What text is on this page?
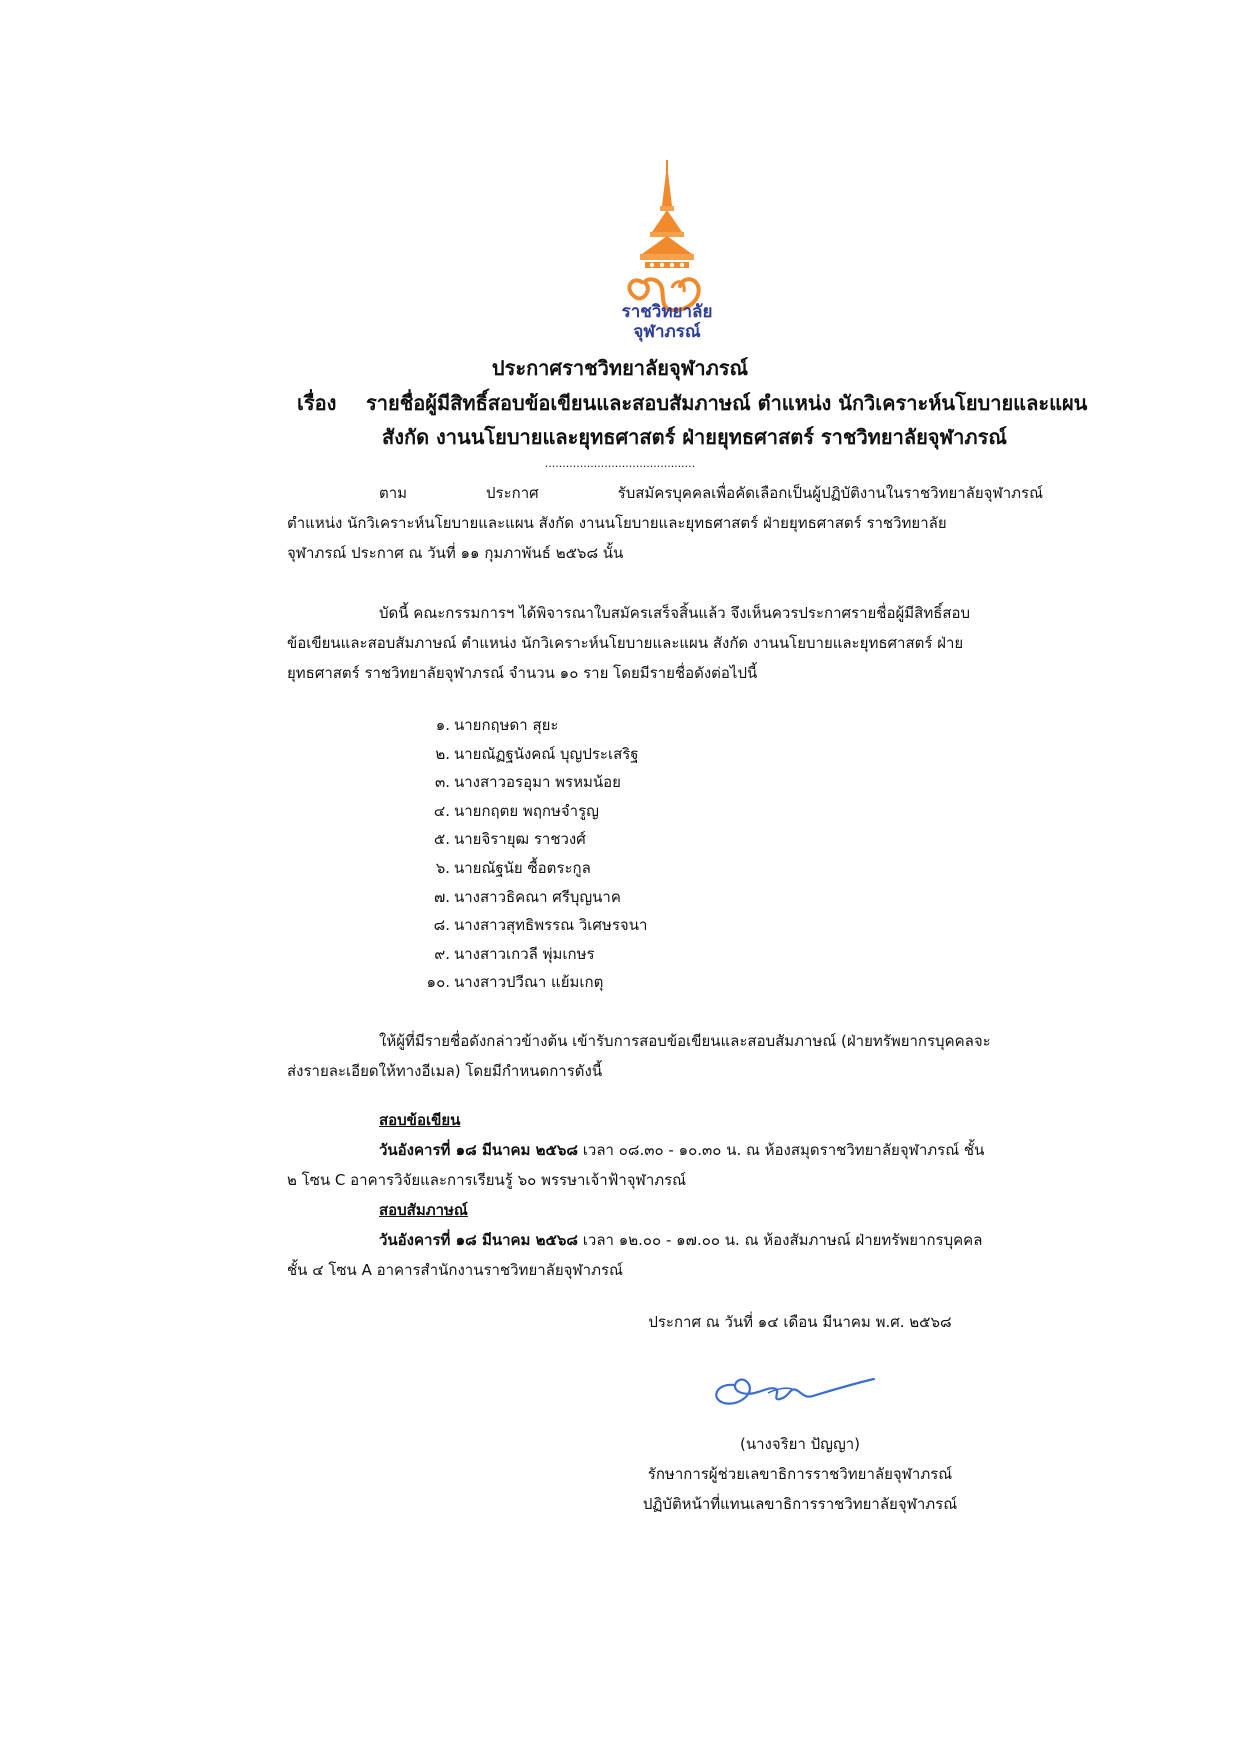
ราชวิทยาลัย
จุฬาภรณ์
ประกาศราชวิทยาลัยจุฬาภรณ์
เรื่อง รายชื่อผู้มีสิทธิ์สอบข้อเขียนและสอบสัมภาษณ์ ตำแหน่ง นักวิเคราะห์นโยบายและแผน
สังกัด งานนโยบายและยุทธศาสตร์ ฝ่ายยุทธศาสตร์ ราชวิทยาลัยจุฬาภรณ์
...........................................
ตาม	ประกาศ	รับสมัครบุคคลเพื่อคัดเลือกเป็นผู้ปฏิบัติงานในราชวิทยาลัยจุฬาภรณ์
ตำแหน่ง นักวิเคราะห์นโยบายและแผน สังกัด งานนโยบายและยุทธศาสตร์ ฝ่ายยุทธศาสตร์ ราชวิทยาลัย
จุฬาภรณ์ ประกาศ ณ วันที่ ๑๑ กุมภาพันธ์ ๒๕๖๘ นั้น
บัดนี้ คณะกรรมการฯ ได้พิจารณาใบสมัครเสร็จสิ้นแล้ว จึงเห็นควรประกาศรายชื่อผู้มีสิทธิ์สอบ
ข้อเขียนและสอบสัมภาษณ์ ตำแหน่ง นักวิเคราะห์นโยบายและแผน สังกัด งานนโยบายและยุทธศาสตร์ ฝ่าย
ยุทธศาสตร์ ราชวิทยาลัยจุฬาภรณ์ จำนวน ๑๐ ราย โดยมีรายชื่อดังต่อไปนี้
๑. นายกฤษดา สุยะ
๒. นายณัฏฐนังคณ์ บุญประเสริฐ
๓. นางสาวอรอุมา พรหมน้อย
๔. นายกฤตย พฤกษจำรูญ
๕. นายจิรายุฒ ราชวงศ์
๖. นายณัฐนัย ซื้อตระกูล
๗. นางสาวธิคณา ศรีบุญนาค
๘. นางสาวสุทธิพรรณ วิเศษรจนา
๙. นางสาวเกวลี พุ่มเกษร
๑๐. นางสาวปวีณา แย้มเกตุ
ให้ผู้ที่มีรายชื่อดังกล่าวข้างต้น เข้ารับการสอบข้อเขียนและสอบสัมภาษณ์ (ฝ่ายทรัพยากรบุคคลจะ
ส่งรายละเอียดให้ทางอีเมล) โดยมีกำหนดการดังนี้
สอบข้อเขียน
วันอังคารที่ ๑๘ มีนาคม ๒๕๖๘ เวลา ๐๘.๓๐ - ๑๐.๓๐ น. ณ ห้องสมุดราชวิทยาลัยจุฬาภรณ์ ชั้น
๒ โซน C อาคารวิจัยและการเรียนรู้ ๖๐ พรรษาเจ้าฟ้าจุฬาภรณ์
สอบสัมภาษณ์
วันอังคารที่ ๑๘ มีนาคม ๒๕๖๘ เวลา ๑๒.๐๐ - ๑๗.๐๐ น. ณ ห้องสัมภาษณ์ ฝ่ายทรัพยากรบุคคล
ชั้น ๔ โซน A อาคารสำนักงานราชวิทยาลัยจุฬาภรณ์
ประกาศ ณ วันที่ ๑๔ เดือน มีนาคม พ.ศ. ๒๕๖๘
(นางจริยา ปัญญา)
รักษาการผู้ช่วยเลขาธิการราชวิทยาลัยจุฬาภรณ์
ปฏิบัติหน้าที่แทนเลขาธิการราชวิทยาลัยจุฬาภรณ์
